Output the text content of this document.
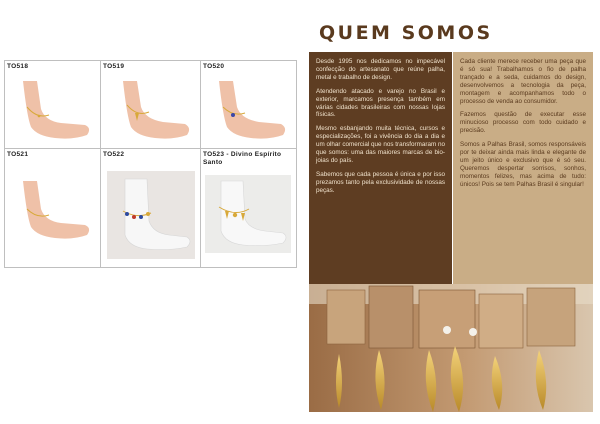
TO518	TO519	TO520
TO521	TO522	TO523 - Divino Espírito Santo
QUEM SOMOS

Desde 1995 nos dedicamos no impecável confecção do artesanato que reúne palha, metal e trabalho de design.

Atendendo atacado e varejo no Brasil e exterior, marcamos presença também em várias cidades brasileiras com nossas lojas físicas.

Mesmo esbanjando muita técnica, cursos e especializações, foi a vivência do dia a dia e um olhar comercial que nos transformaram no que somos: uma das maiores marcas de bio-joias do país.

Sabemos que cada pessoa é única e por isso prezamos tanto pela exclusividade de nossas peças.

Cada cliente merece receber uma peça que é só sua! Trabalhamos o fio de palha trançado e a seda, cuidamos do design, desenvolvemos a tecnologia da peça, montagem e acompanhamos todo o processo de venda ao consumidor.

Fazemos questão de executar esse minucioso processo com todo cuidado e precisão.

Somos a Palhas Brasil, somos responsáveis por te deixar ainda mais linda e elegante de um jeito único e exclusivo que é só seu. Queremos despertar sorrisos, sonhos, momentos felizes, mas acima de tudo: únicos! Pois se tem Palhas Brasil é singular!
